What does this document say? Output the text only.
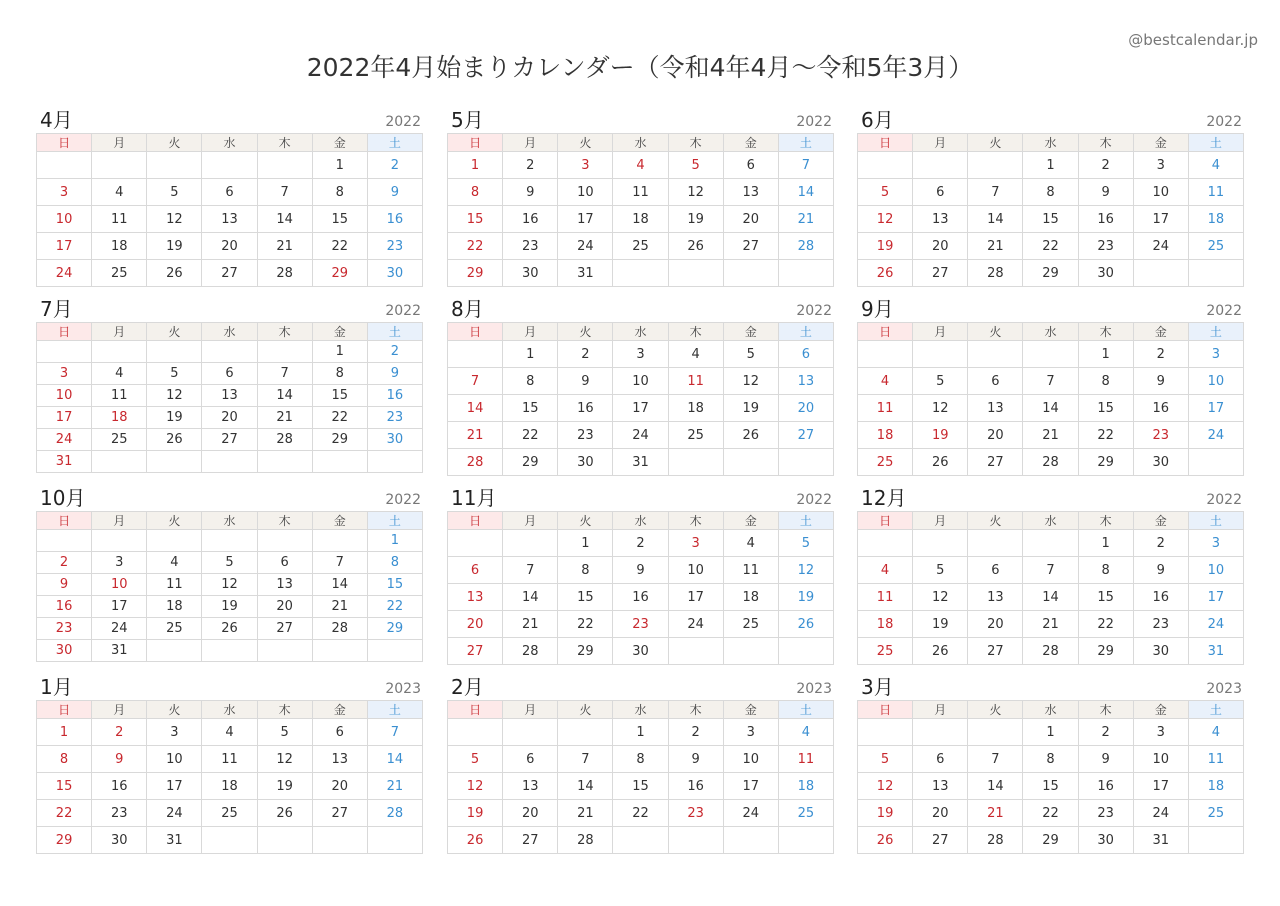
@bestcalendar.jp
2022年4月始まりカレンダー（令和4年4月〜令和5年3月）
4月	2022
日	月	火	水	木	金	土
					1	2
3	4	5	6	7	8	9
10	11	12	13	14	15	16
17	18	19	20	21	22	23
24	25	26	27	28	29	30
5月	2022
日	月	火	水	木	金	土
1	2	3	4	5	6	7
8	9	10	11	12	13	14
15	16	17	18	19	20	21
22	23	24	25	26	27	28
29	30	31				
6月	2022
日	月	火	水	木	金	土
			1	2	3	4
5	6	7	8	9	10	11
12	13	14	15	16	17	18
19	20	21	22	23	24	25
26	27	28	29	30		
7月	2022
日	月	火	水	木	金	土
					1	2
3	4	5	6	7	8	9
10	11	12	13	14	15	16
17	18	19	20	21	22	23
24	25	26	27	28	29	30
31						
8月	2022
日	月	火	水	木	金	土
	1	2	3	4	5	6
7	8	9	10	11	12	13
14	15	16	17	18	19	20
21	22	23	24	25	26	27
28	29	30	31			
9月	2022
日	月	火	水	木	金	土
				1	2	3
4	5	6	7	8	9	10
11	12	13	14	15	16	17
18	19	20	21	22	23	24
25	26	27	28	29	30	
10月	2022
日	月	火	水	木	金	土
						1
2	3	4	5	6	7	8
9	10	11	12	13	14	15
16	17	18	19	20	21	22
23	24	25	26	27	28	29
30	31					
11月	2022
日	月	火	水	木	金	土
		1	2	3	4	5
6	7	8	9	10	11	12
13	14	15	16	17	18	19
20	21	22	23	24	25	26
27	28	29	30			
12月	2022
日	月	火	水	木	金	土
				1	2	3
4	5	6	7	8	9	10
11	12	13	14	15	16	17
18	19	20	21	22	23	24
25	26	27	28	29	30	31
1月	2023
日	月	火	水	木	金	土
1	2	3	4	5	6	7
8	9	10	11	12	13	14
15	16	17	18	19	20	21
22	23	24	25	26	27	28
29	30	31				
2月	2023
日	月	火	水	木	金	土
			1	2	3	4
5	6	7	8	9	10	11
12	13	14	15	16	17	18
19	20	21	22	23	24	25
26	27	28				
3月	2023
日	月	火	水	木	金	土
			1	2	3	4
5	6	7	8	9	10	11
12	13	14	15	16	17	18
19	20	21	22	23	24	25
26	27	28	29	30	31	
